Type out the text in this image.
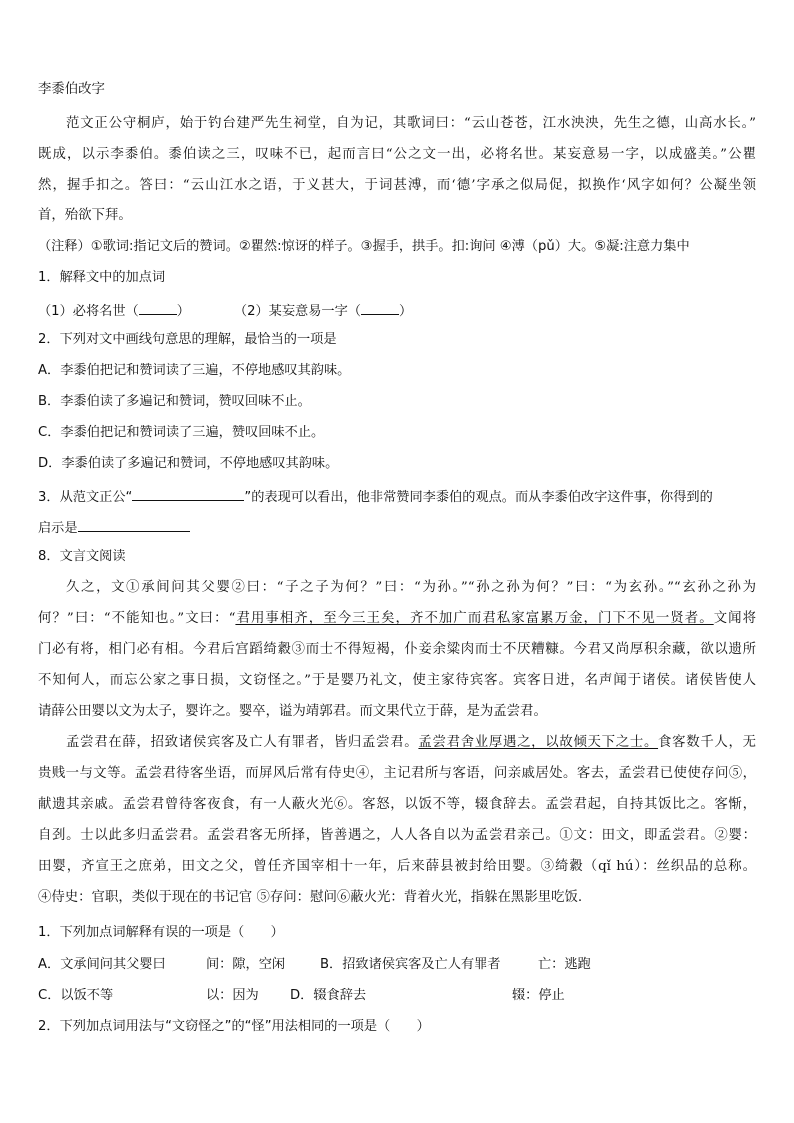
李黍伯改字
范文正公守桐庐，始于钓台建严先生祠堂，自为记，其歌词曰：“云山苍苍，江水泱泱，先生之德，山高水长。”
既成，以示李黍伯。黍伯读之三，叹味不已，起而言曰“公之文一出，必将名世。某妄意易一字，以成盛美。”公瞿
然，握手扣之。答曰：“云山江水之语，于义甚大，于词甚溥，而‘德’字承之似局促，拟换作‘风字如何？公凝坐领
首，殆欲下拜。
（注释）①歌词:指记文后的赞词。②瞿然:惊讶的样子。③握手，拱手。扣:询问 ④溥（pǔ）大。⑤凝:注意力集中
1．解释文中的加点词
（1）必将名世（	）	（2）某妄意易一字（	）
2．下列对文中画线句意思的理解，最恰当的一项是
A．李黍伯把记和赞词读了三遍，不停地感叹其韵味。
B．李黍伯读了多遍记和赞词，赞叹回味不止。
C．李黍伯把记和赞词读了三遍，赞叹回味不止。
D．李黍伯读了多遍记和赞词，不停地感叹其韵味。
3．从范文正公“	”的表现可以看出，他非常赞同李黍伯的观点。而从李黍伯改字这件事，你得到的
启示是
8．文言文阅读
久之，文①承间问其父婴②曰：“子之子为何？”曰：“为孙。”“孙之孙为何？”曰：“为玄孙。”“玄孙之孙为
何？”曰：“不能知也。”文曰：“君用事相齐，至今三王矣，齐不加广而君私家富累万金，门下不见一贤者。文闻将
门必有将，相门必有相。今君后宫蹈绮縠③而士不得短褐，仆妾余粱肉而士不厌糟糠。今君又尚厚积余藏，欲以遗所
不知何人，而忘公家之事日损，文窃怪之。”于是婴乃礼文，使主家待宾客。宾客日进，名声闻于诸侯。诸侯皆使人
请薛公田婴以文为太子，婴许之。婴卒，谥为靖郭君。而文果代立于薛，是为孟尝君。
孟尝君在薛，招致诸侯宾客及亡人有罪者，皆归孟尝君。孟尝君舍业厚遇之，以故倾天下之士。食客数千人，无
贵贱一与文等。孟尝君待客坐语，而屏风后常有侍史④，主记君所与客语，问亲戚居处。客去，孟尝君已使使存问⑤，
献遗其亲戚。孟尝君曾待客夜食，有一人蔽火光⑥。客怒，以饭不等，辍食辞去。孟尝君起，自持其饭比之。客惭，
自刭。士以此多归孟尝君。孟尝君客无所择，皆善遇之，人人各自以为孟尝君亲己。①文：田文，即孟尝君。②婴：
田婴，齐宣王之庶弟，田文之父，曾任齐国宰相十一年，后来薛县被封给田婴。③绮縠（qǐ hú）：丝织品的总称。
④侍史：官职，类似于现在的书记官 ⑤存问：慰问⑥蔽火光：背着火光，指躲在黑影里吃饭.
1．下列加点词解释有误的一项是（　　）
A．文承间问其父婴曰	间：隙，空闲	B．招致诸侯宾客及亡人有罪者	亡：逃跑
C．以饭不等	以：因为 D．辍食辞去	辍：停止
2．下列加点词用法与“文窃怪之”的“怪”用法相同的一项是（　　）
